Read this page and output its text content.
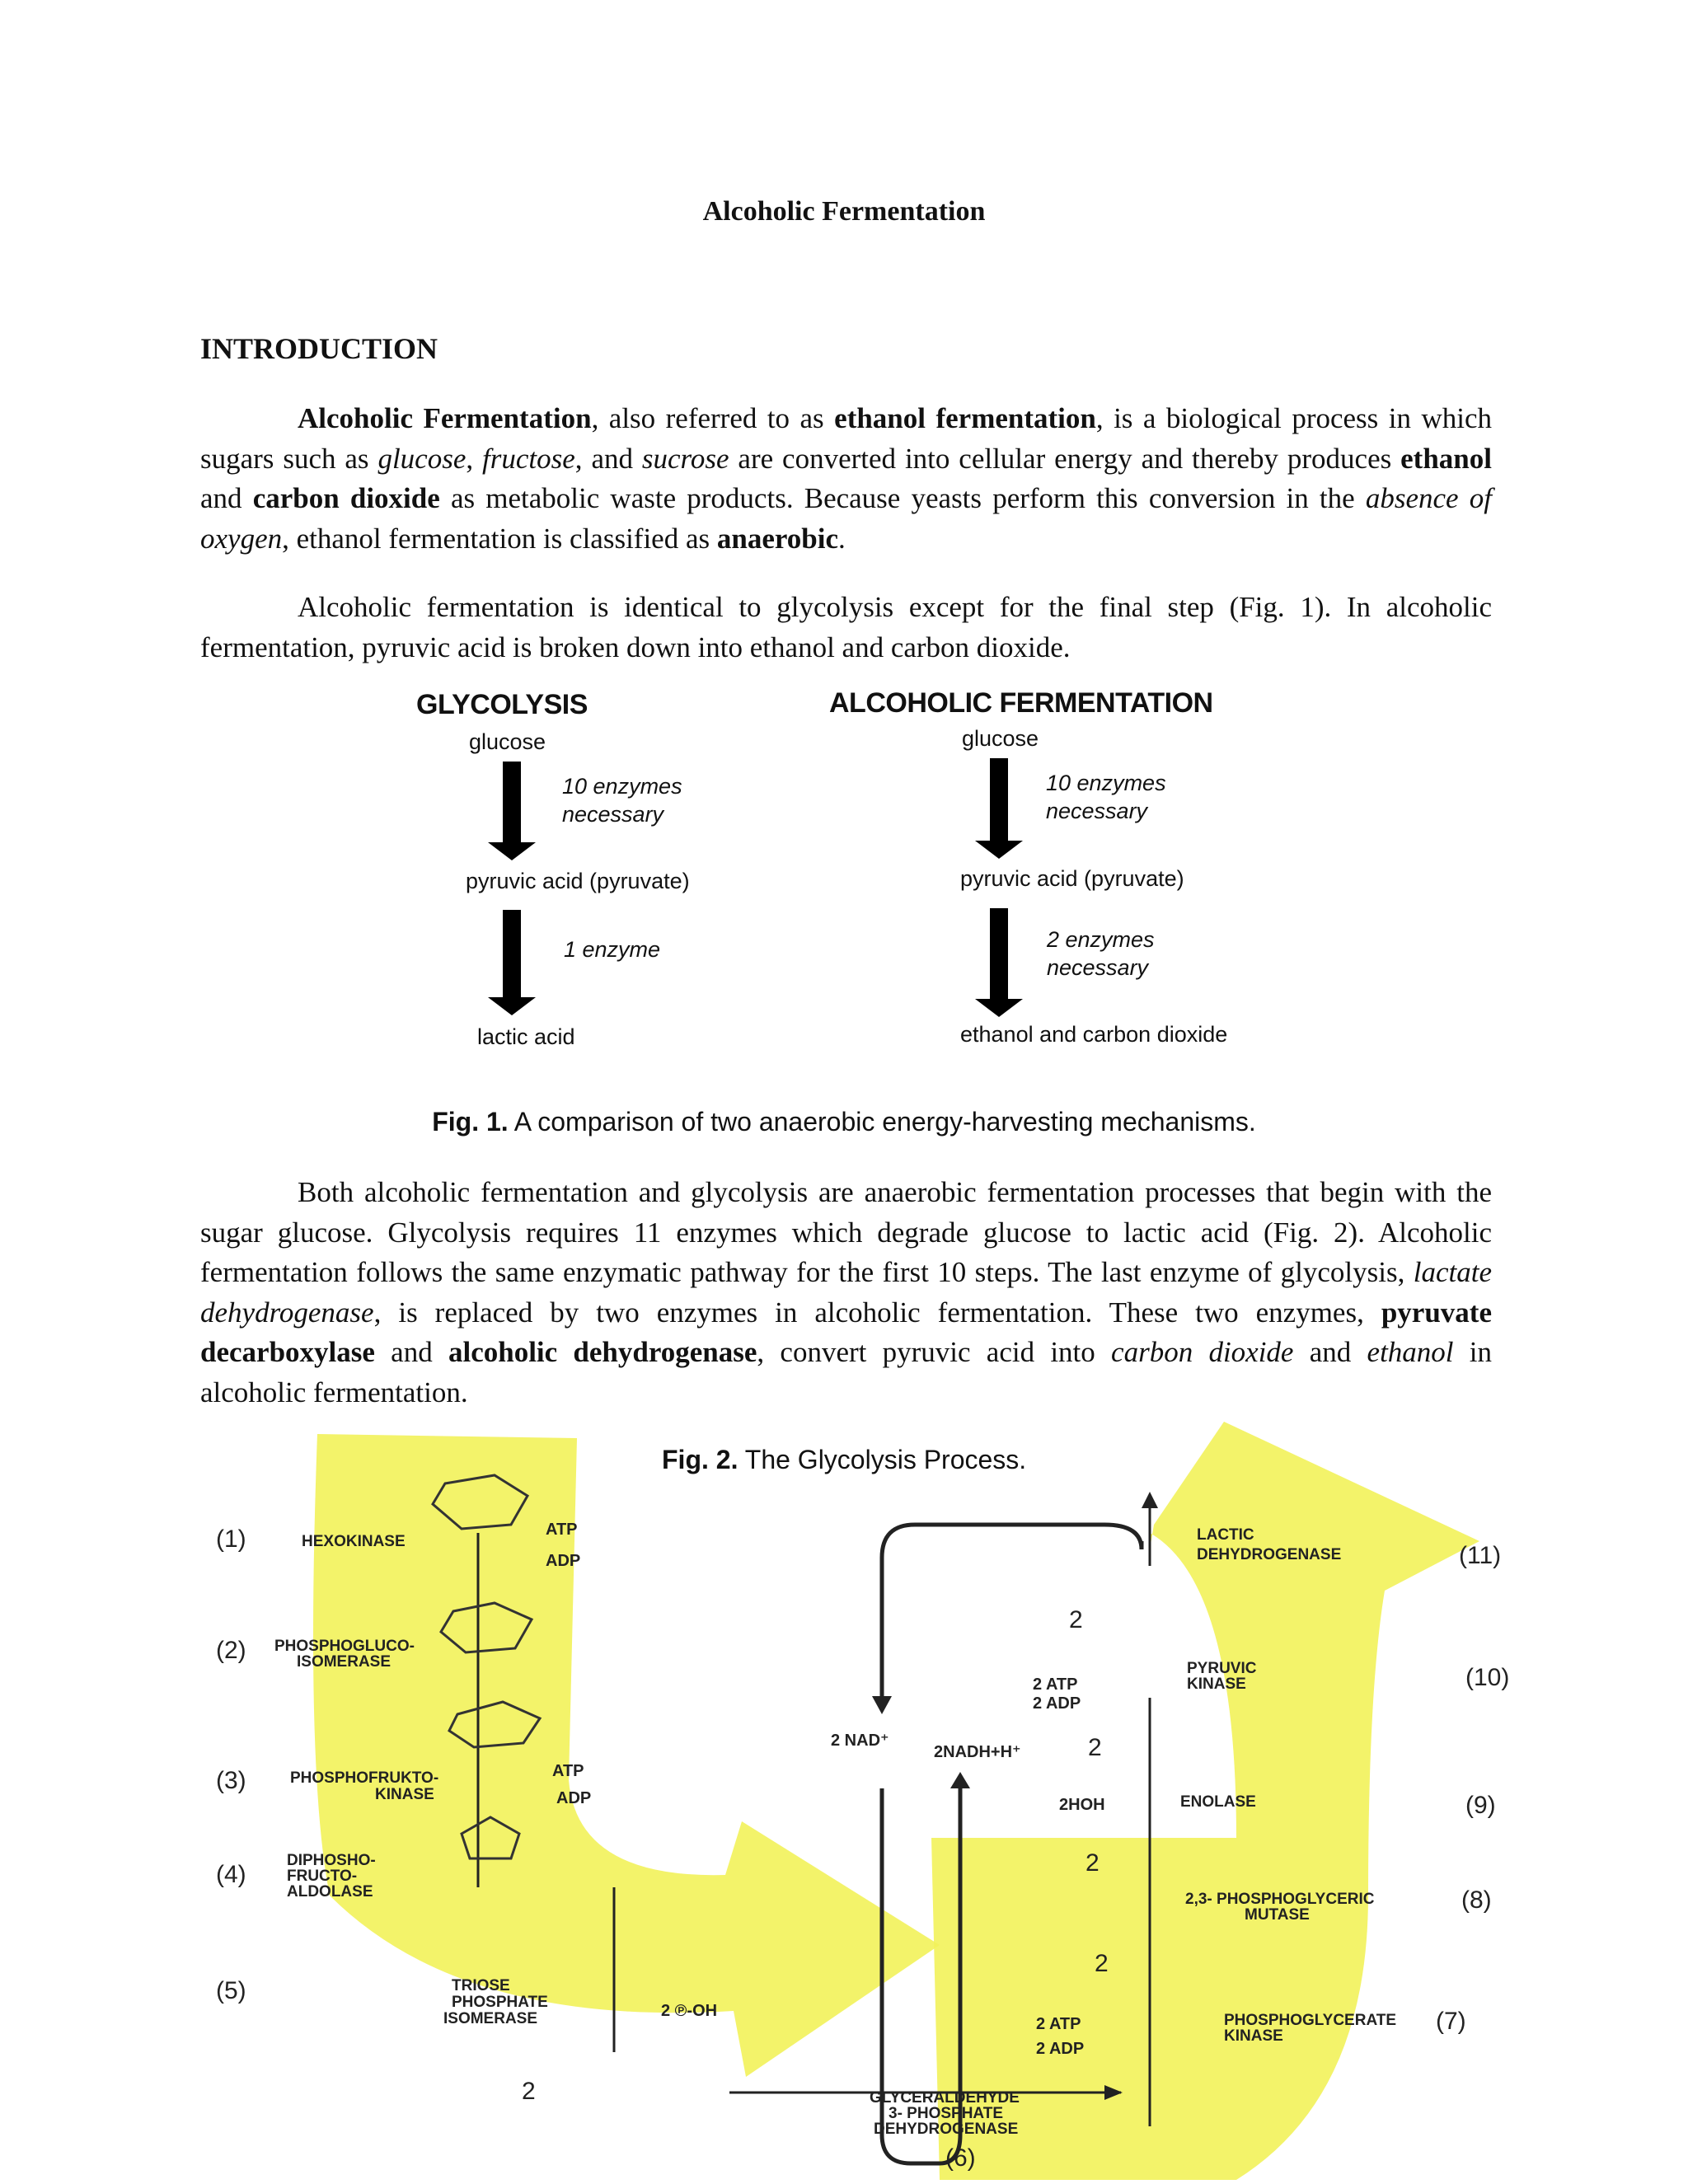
Alcoholic Fermentation
INTRODUCTION

Alcoholic Fermentation, also referred to as ethanol fermentation, is a biological process in which sugars such as glucose, fructose, and sucrose are converted into cellular energy and thereby produces ethanol and carbon dioxide as metabolic waste products. Because yeasts perform this conversion in the absence of oxygen, ethanol fermentation is classified as anaerobic.

Alcoholic fermentation is identical to glycolysis except for the final step (Fig. 1). In alcoholic fermentation, pyruvic acid is broken down into ethanol and carbon dioxide.

GLYCOLYSIS
glucose
10 enzymes
necessary
pyruvic acid (pyruvate)
1 enzyme
lactic acid
ALCOHOLIC FERMENTATION
glucose
10 enzymes
necessary
pyruvic acid (pyruvate)
2 enzymes
necessary
ethanol and carbon dioxide
Fig. 1. A comparison of two anaerobic energy-harvesting mechanisms.

Both alcoholic fermentation and glycolysis are anaerobic fermentation processes that begin with the sugar glucose. Glycolysis requires 11 enzymes which degrade glucose to lactic acid (Fig. 2). Alcoholic fermentation follows the same enzymatic pathway for the first 10 steps. The last enzyme of glycolysis, lactate dehydrogenase, is replaced by two enzymes in alcoholic fermentation. These two enzymes, pyruvate decarboxylase and alcoholic dehydrogenase, convert pyruvic acid into carbon dioxide and ethanol in alcoholic fermentation.

(1)
(2)
(3)
(4)
(5)
(6)
(7)
(8)
(9)
(10)
(11)
HEXOKINASE
PHOSPHOGLUCO-
ISOMERASE
PHOSPHOFRUKTO-
KINASE
DIPHOSHO-
FRUCTO-
ALDOLASE
TRIOSE
PHOSPHATE
ISOMERASE
GLYCERALDEHYDE
3- PHOSPHATE
DEHYDROGENASE
PHOSPHOGLYCERATE
KINASE
2,3- PHOSPHOGLYCERIC
MUTASE
ENOLASE
PYRUVIC
KINASE
LACTIC
DEHYDROGENASE
ATP
ADP
ATP
ADP
2 ATP
2 ADP
2 NAD⁺
2NADH+H⁺
2HOH
2 ATP
2 ADP
2 ℗-OH
2
2
2
2
2
Fig. 2. The Glycolysis Process.
